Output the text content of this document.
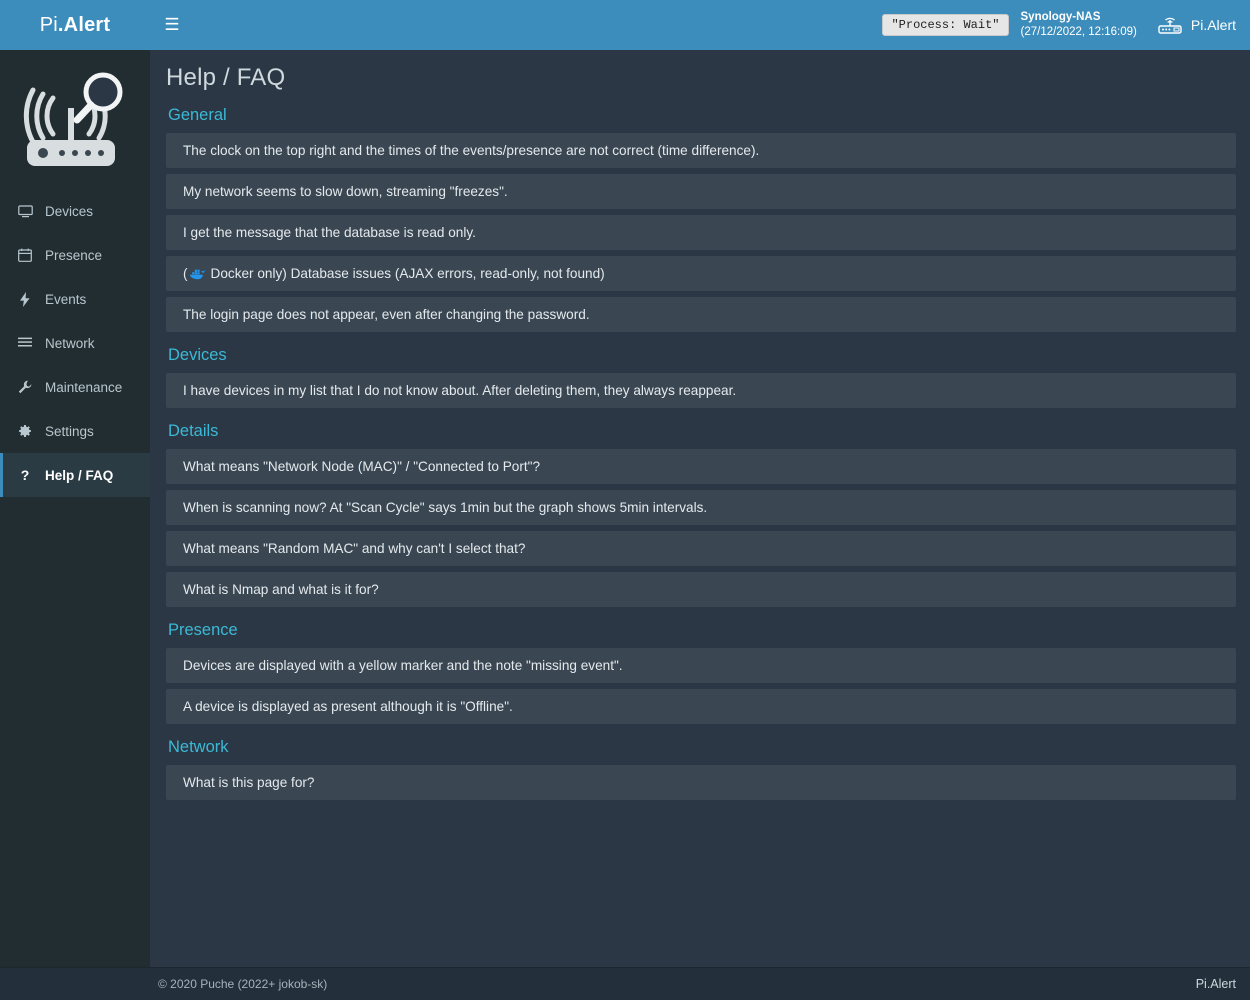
Pi .Alert	☰	"Process: Wait"
Synology-NAS
(27/12/2022, 12:16:09)	Pi.Alert
Devices
Presence
Events
Network
Maintenance
Settings
? Help / FAQ
Help / FAQ
General
The clock on the top right and the times of the events/presence are not correct (time difference).
My network seems to slow down, streaming "freezes".
I get the message that the database is read only.
( Docker only) Database issues (AJAX errors, read-only, not found)
The login page does not appear, even after changing the password.
Devices
I have devices in my list that I do not know about. After deleting them, they always reappear.
Details
What means "Network Node (MAC)" / "Connected to Port"?
When is scanning now? At "Scan Cycle" says 1min but the graph shows 5min intervals.
What means "Random MAC" and why can't I select that?
What is Nmap and what is it for?
Presence
Devices are displayed with a yellow marker and the note "missing event".
A device is displayed as present although it is "Offline".
Network
What is this page for?
© 2020 Puche (2022+ jokob-sk)	Pi.Alert
